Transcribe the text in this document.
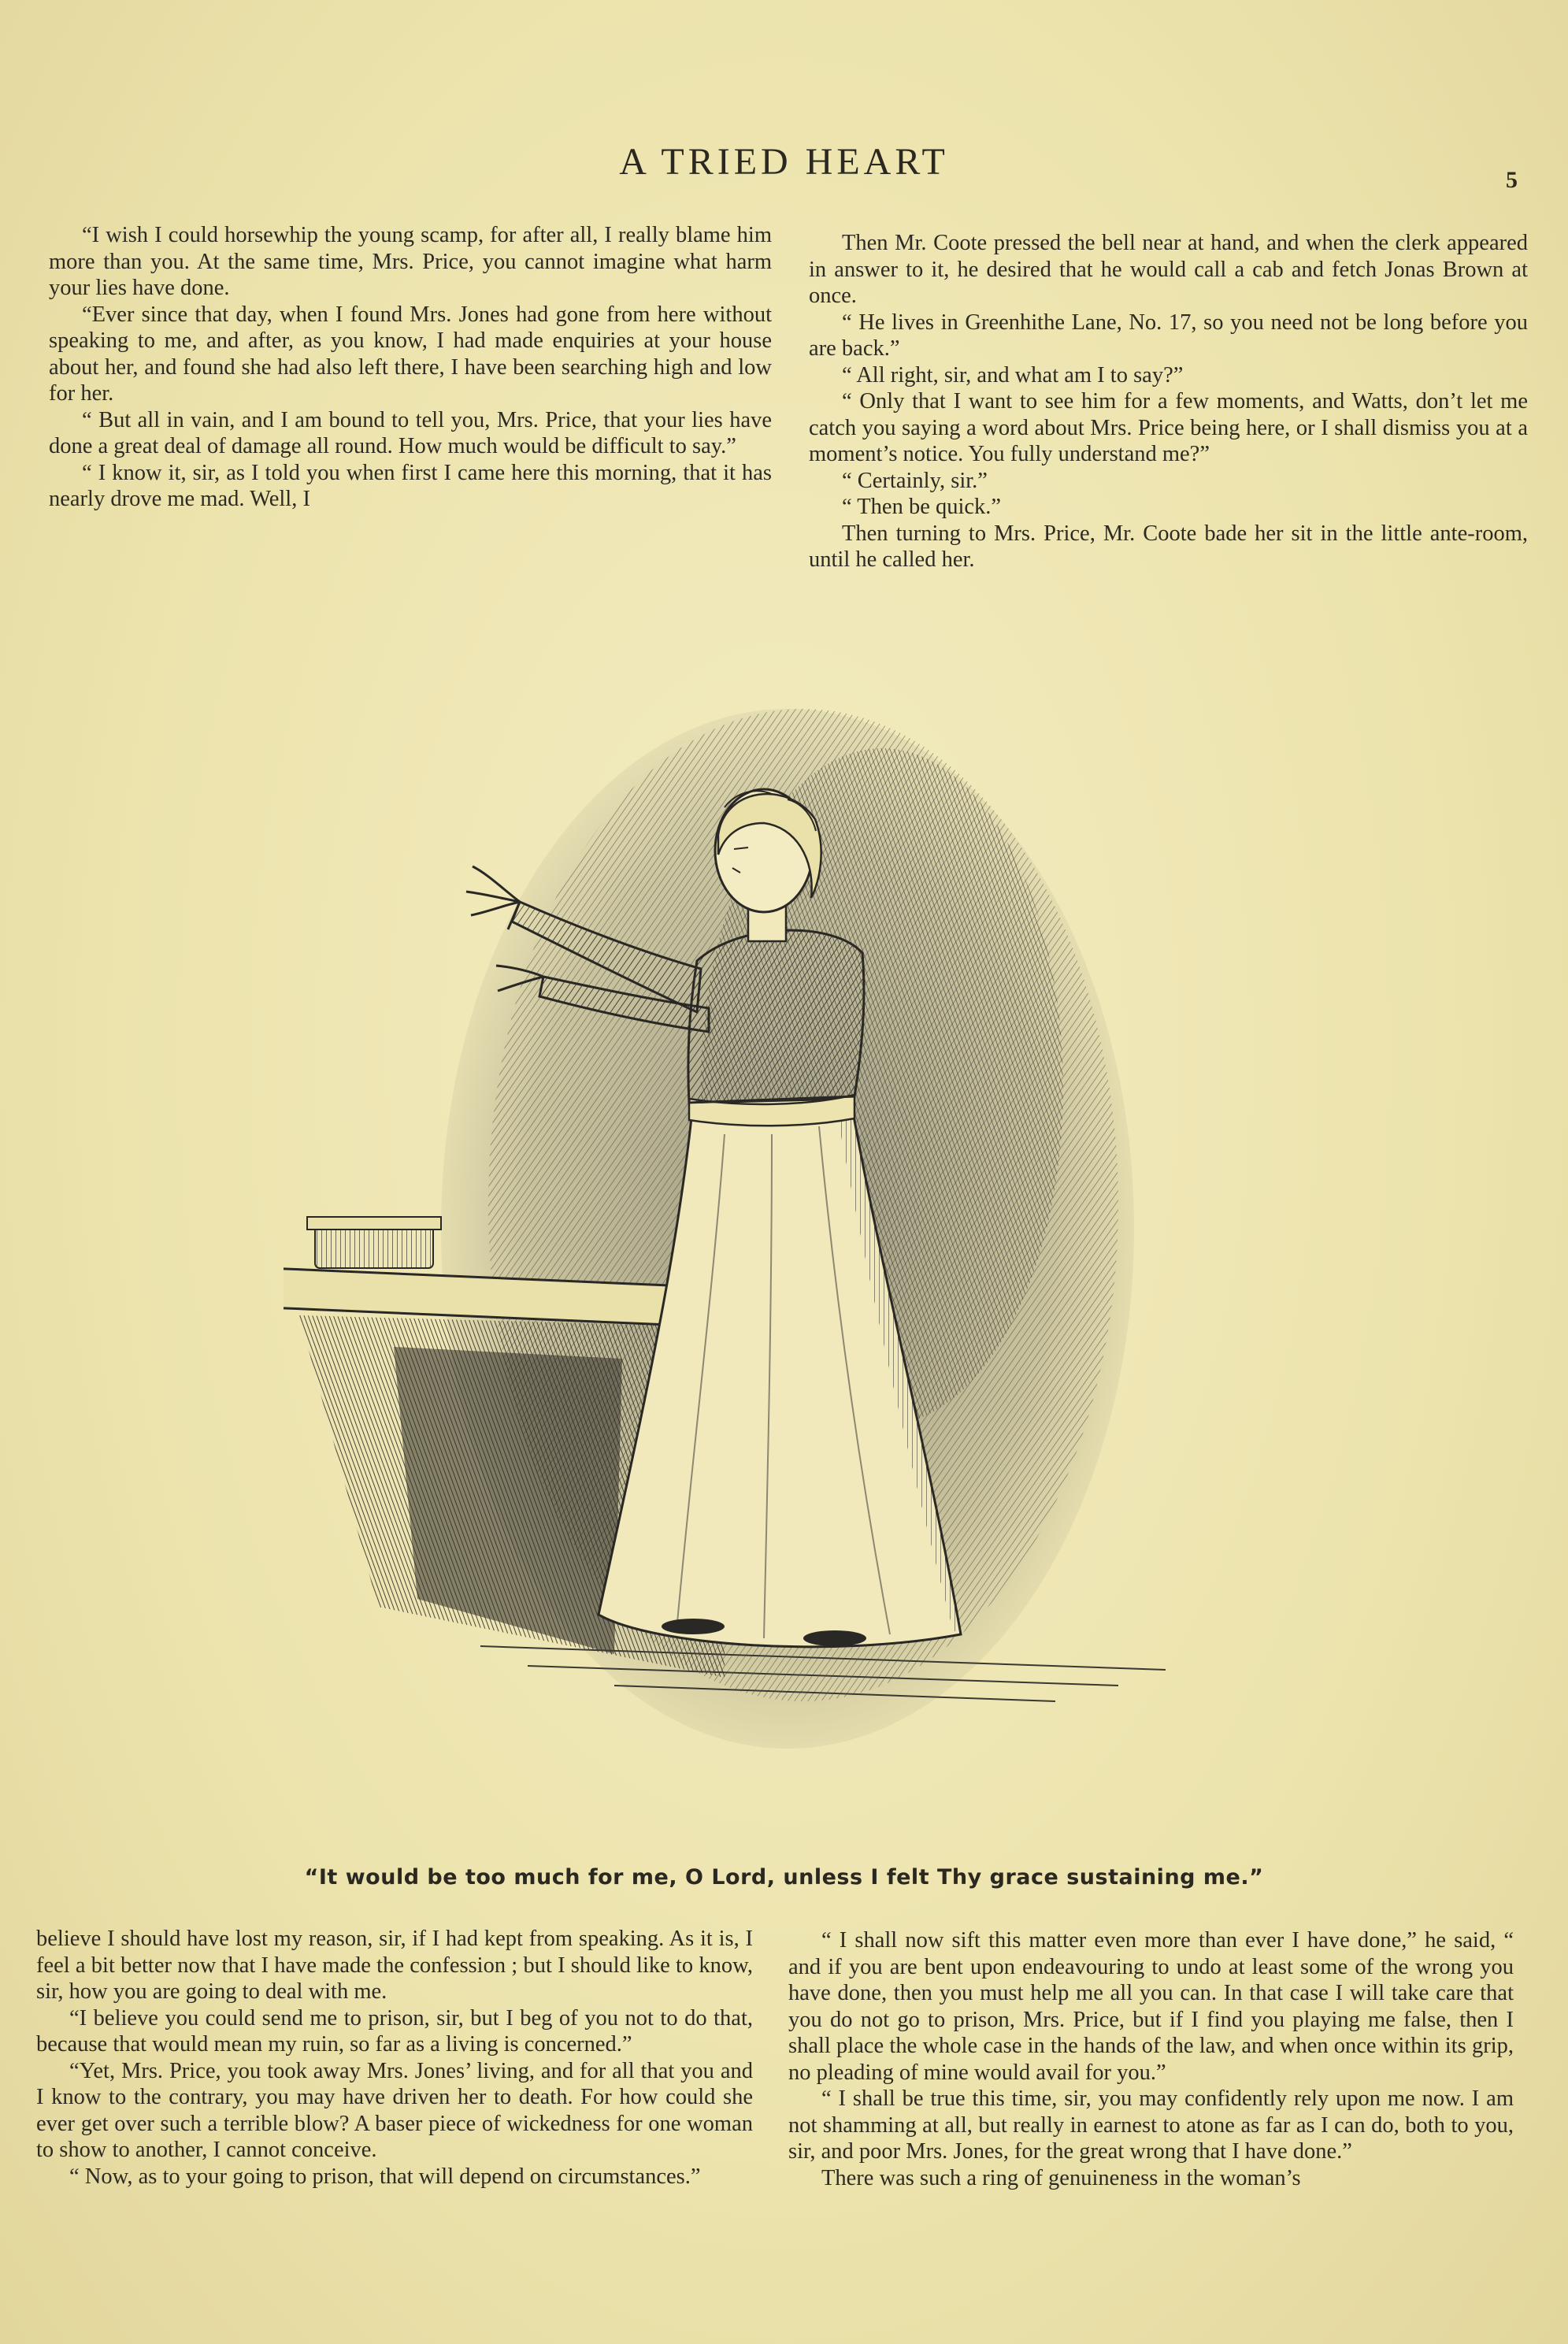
A TRIED HEART	5

“I wish I could horsewhip the young scamp, for after all, I really blame him more than you. At the same time, Mrs. Price, you cannot imagine what harm your lies have done.

“Ever since that day, when I found Mrs. Jones had gone from here without speaking to me, and after, as you know, I had made enquiries at your house about her, and found she had also left there, I have been searching high and low for her.

“ But all in vain, and I am bound to tell you, Mrs. Price, that your lies have done a great deal of damage all round. How much would be difficult to say.”

“ I know it, sir, as I told you when first I came here this morning, that it has nearly drove me mad. Well, I

Then Mr. Coote pressed the bell near at hand, and when the clerk appeared in answer to it, he desired that he would call a cab and fetch Jonas Brown at once.

“ He lives in Greenhithe Lane, No. 17, so you need not be long before you are back.”

“ All right, sir, and what am I to say?”

“ Only that I want to see him for a few moments, and Watts, don’t let me catch you saying a word about Mrs. Price being here, or I shall dismiss you at a moment’s notice. You fully understand me?”

“ Certainly, sir.”

“ Then be quick.”

Then turning to Mrs. Price, Mr. Coote bade her sit in the little ante-room, until he called her.

“It would be too much for me, O Lord, unless I felt Thy grace sustaining me.”

believe I should have lost my reason, sir, if I had kept from speaking. As it is, I feel a bit better now that I have made the confession ; but I should like to know, sir, how you are going to deal with me.

“I believe you could send me to prison, sir, but I beg of you not to do that, because that would mean my ruin, so far as a living is concerned.”

“Yet, Mrs. Price, you took away Mrs. Jones’ living, and for all that you and I know to the contrary, you may have driven her to death. For how could she ever get over such a terrible blow? A baser piece of wickedness for one woman to show to another, I cannot conceive.

“ Now, as to your going to prison, that will depend on circumstances.”

“ I shall now sift this matter even more than ever I have done,” he said, “ and if you are bent upon endeavouring to undo at least some of the wrong you have done, then you must help me all you can. In that case I will take care that you do not go to prison, Mrs. Price, but if I find you playing me false, then I shall place the whole case in the hands of the law, and when once within its grip, no pleading of mine would avail for you.”

“ I shall be true this time, sir, you may confidently rely upon me now. I am not shamming at all, but really in earnest to atone as far as I can do, both to you, sir, and poor Mrs. Jones, for the great wrong that I have done.”

There was such a ring of genuineness in the woman’s
